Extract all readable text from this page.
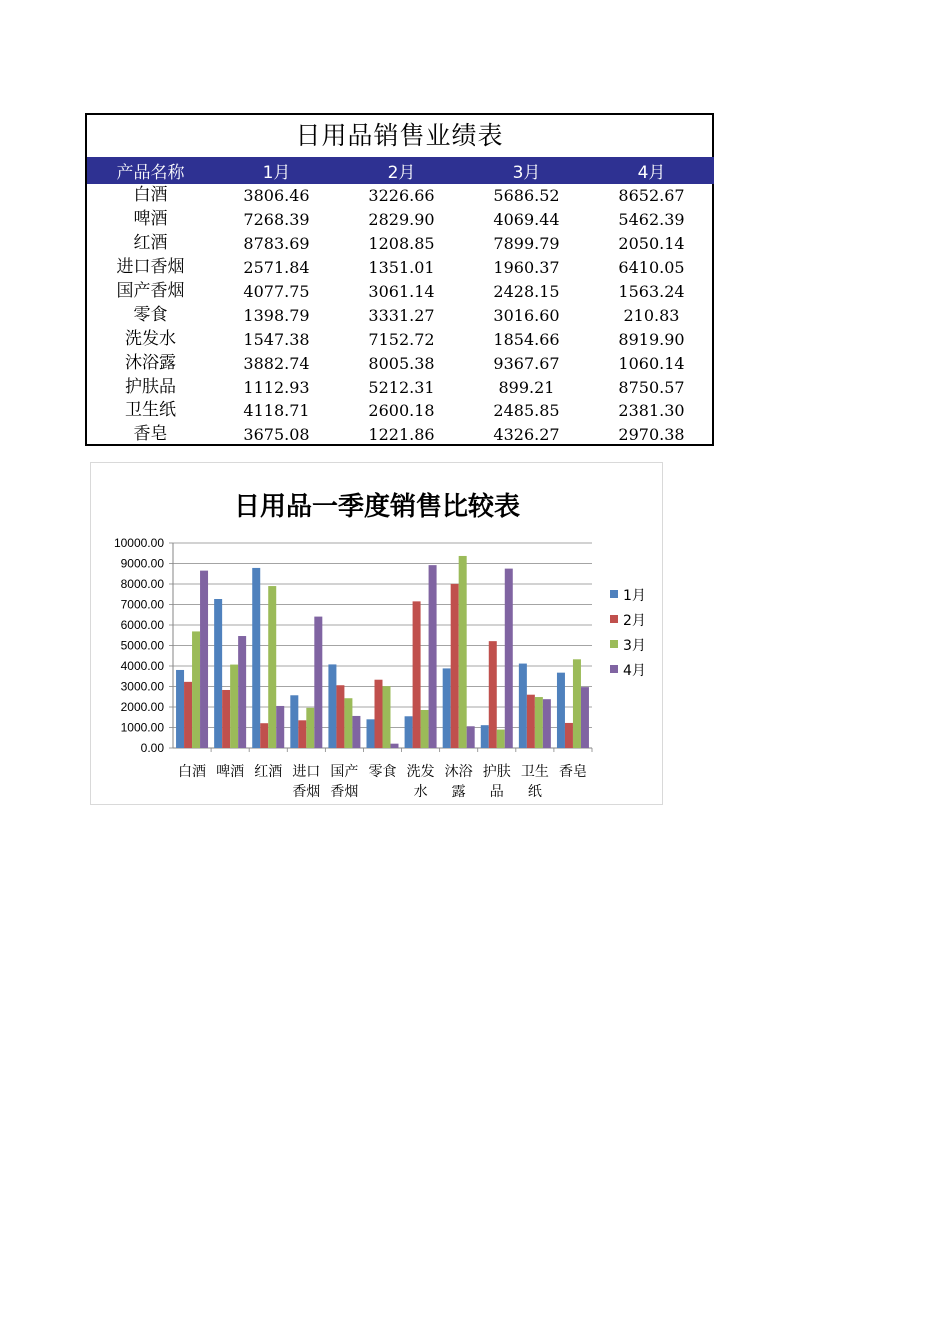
日用品销售业绩表
产品名称	1月	2月	3月	4月
白酒	3806.46	3226.66	5686.52	8652.67
啤酒	7268.39	2829.90	4069.44	5462.39
红酒	8783.69	1208.85	7899.79	2050.14
进口香烟	2571.84	1351.01	1960.37	6410.05
国产香烟	4077.75	3061.14	2428.15	1563.24
零食	1398.79	3331.27	3016.60	210.83
洗发水	1547.38	7152.72	1854.66	8919.90
沐浴露	3882.74	8005.38	9367.67	1060.14
护肤品	1112.93	5212.31	899.21	8750.57
卫生纸	4118.71	2600.18	2485.85	2381.30
香皂	3675.08	1221.86	4326.27	2970.38
日用品一季度销售比较表
0.00
1000.00
2000.00
3000.00
4000.00
5000.00
6000.00
7000.00
8000.00
9000.00
10000.00
白酒 啤酒 红酒 进口
香烟
国产
香烟
零食 洗发
水
沐浴
露
护肤
品
卫生
纸
香皂
1月
2月
3月
4月
